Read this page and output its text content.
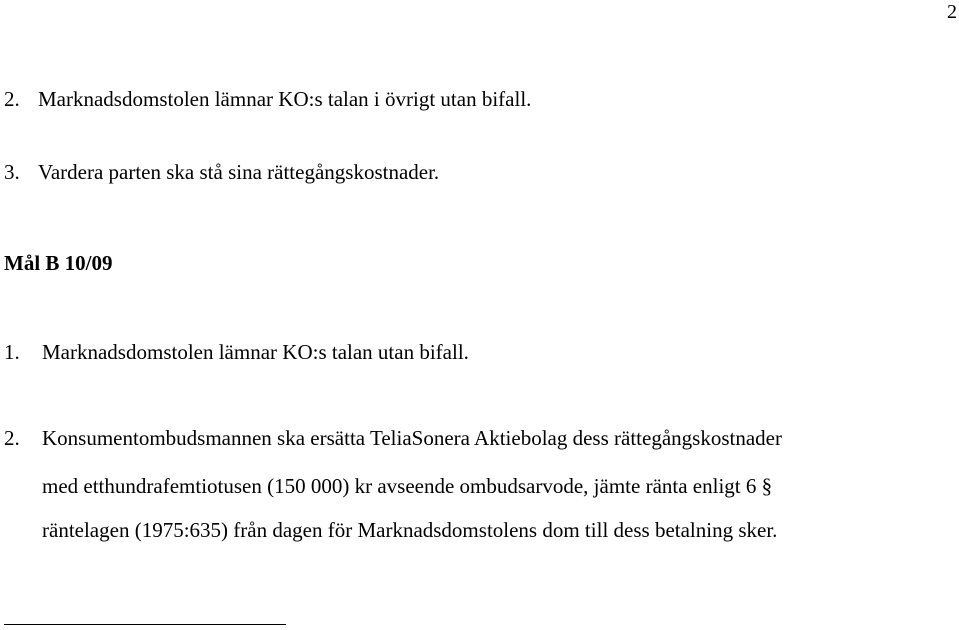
2
2. Marknadsdomstolen lämnar KO:s talan i övrigt utan bifall.
3. Vardera parten ska stå sina rättegångskostnader.
Mål B 10/09
1. Marknadsdomstolen lämnar KO:s talan utan bifall.
2. Konsumentombudsmannen ska ersätta TeliaSonera Aktiebolag dess rättegångskostnader
med etthundrafemtiotusen (150 000) kr avseende ombudsarvode, jämte ränta enligt 6 §
räntelagen (1975:635) från dagen för Marknadsdomstolens dom till dess betalning sker.
